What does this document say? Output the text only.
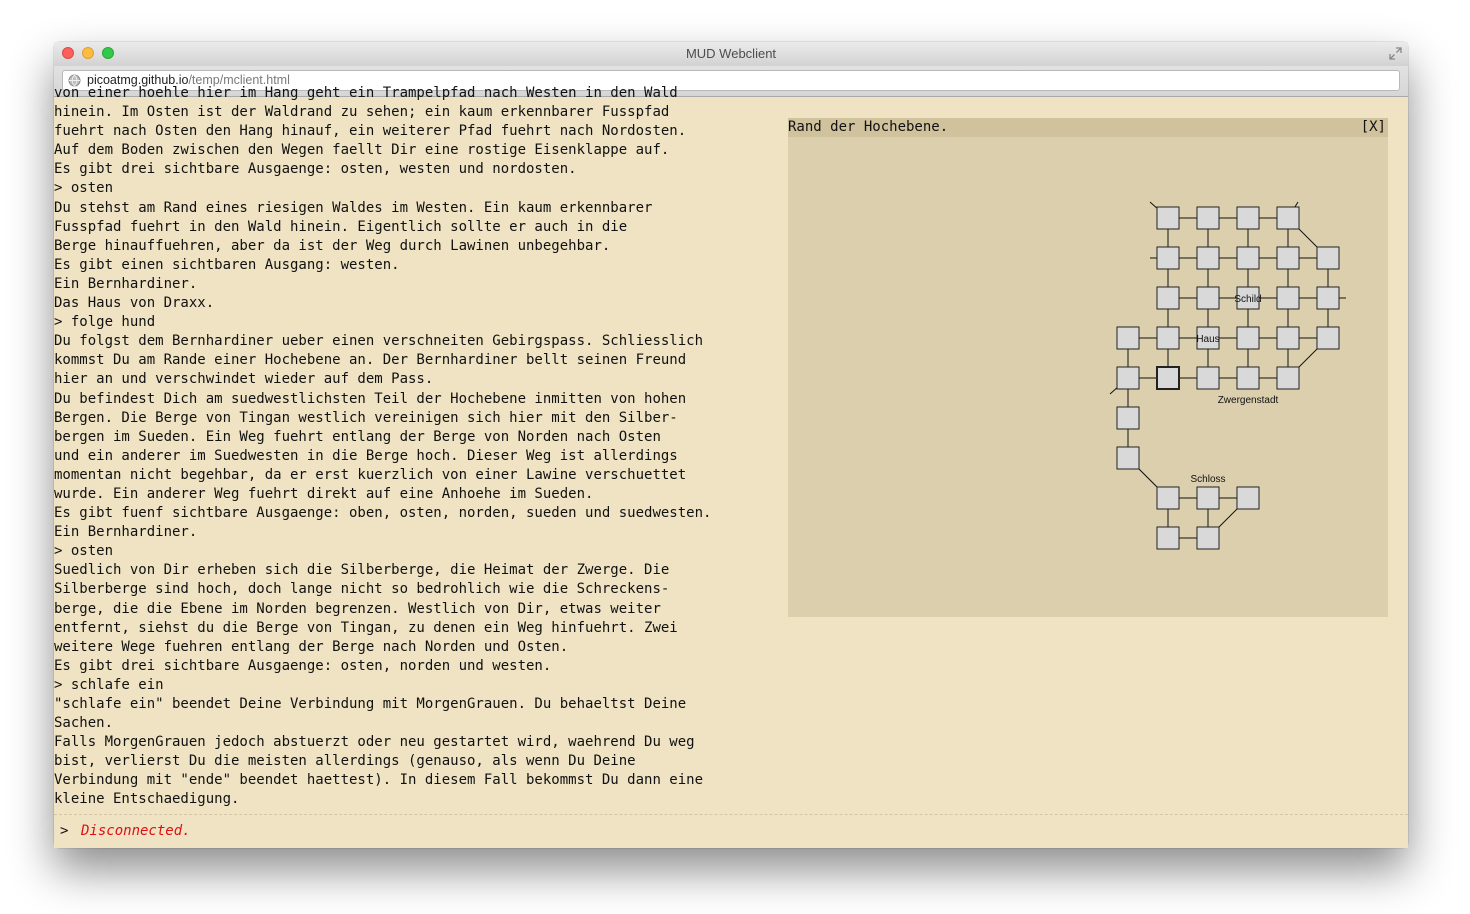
MUD Webclient
picoatmg.github.io/temp/mclient.html
von einer hoehle hier im Hang geht ein Trampelpfad nach Westen in den Wald
hinein. Im Osten ist der Waldrand zu sehen; ein kaum erkennbarer Fusspfad
fuehrt nach Osten den Hang hinauf, ein weiterer Pfad fuehrt nach Nordosten.
Auf dem Boden zwischen den Wegen faellt Dir eine rostige Eisenklappe auf.
Es gibt drei sichtbare Ausgaenge: osten, westen und nordosten.
> osten
Du stehst am Rand eines riesigen Waldes im Westen. Ein kaum erkennbarer
Fusspfad fuehrt in den Wald hinein. Eigentlich sollte er auch in die
Berge hinauffuehren, aber da ist der Weg durch Lawinen unbegehbar.
Es gibt einen sichtbaren Ausgang: westen.
Ein Bernhardiner.
Das Haus von Draxx.
> folge hund
Du folgst dem Bernhardiner ueber einen verschneiten Gebirgspass. Schliesslich
kommst Du am Rande einer Hochebene an. Der Bernhardiner bellt seinen Freund
hier an und verschwindet wieder auf dem Pass.
Du befindest Dich am suedwestlichsten Teil der Hochebene inmitten von hohen
Bergen. Die Berge von Tingan westlich vereinigen sich hier mit den Silber-
bergen im Sueden. Ein Weg fuehrt entlang der Berge von Norden nach Osten
und ein anderer im Suedwesten in die Berge hoch. Dieser Weg ist allerdings
momentan nicht begehbar, da er erst kuerzlich von einer Lawine verschuettet
wurde. Ein anderer Weg fuehrt direkt auf eine Anhoehe im Sueden.
Es gibt fuenf sichtbare Ausgaenge: oben, osten, norden, sueden und suedwesten.
Ein Bernhardiner.
> osten
Suedlich von Dir erheben sich die Silberberge, die Heimat der Zwerge. Die
Silberberge sind hoch, doch lange nicht so bedrohlich wie die Schreckens-
berge, die die Ebene im Norden begrenzen. Westlich von Dir, etwas weiter
entfernt, siehst du die Berge von Tingan, zu denen ein Weg hinfuehrt. Zwei
weitere Wege fuehren entlang der Berge nach Norden und Osten.
Es gibt drei sichtbare Ausgaenge: osten, norden und westen.
> schlafe ein
"schlafe ein" beendet Deine Verbindung mit MorgenGrauen. Du behaeltst Deine
Sachen.
Falls MorgenGrauen jedoch abstuerzt oder neu gestartet wird, waehrend Du weg
bist, verlierst Du die meisten allerdings (genauso, als wenn Du Deine
Verbindung mit "ende" beendet haettest). In diesem Fall bekommst Du dann eine
kleine Entschaedigung.
Rand der Hochebene.	[X]
Schild
Haus
Zwergenstadt
Schloss
> Disconnected.
